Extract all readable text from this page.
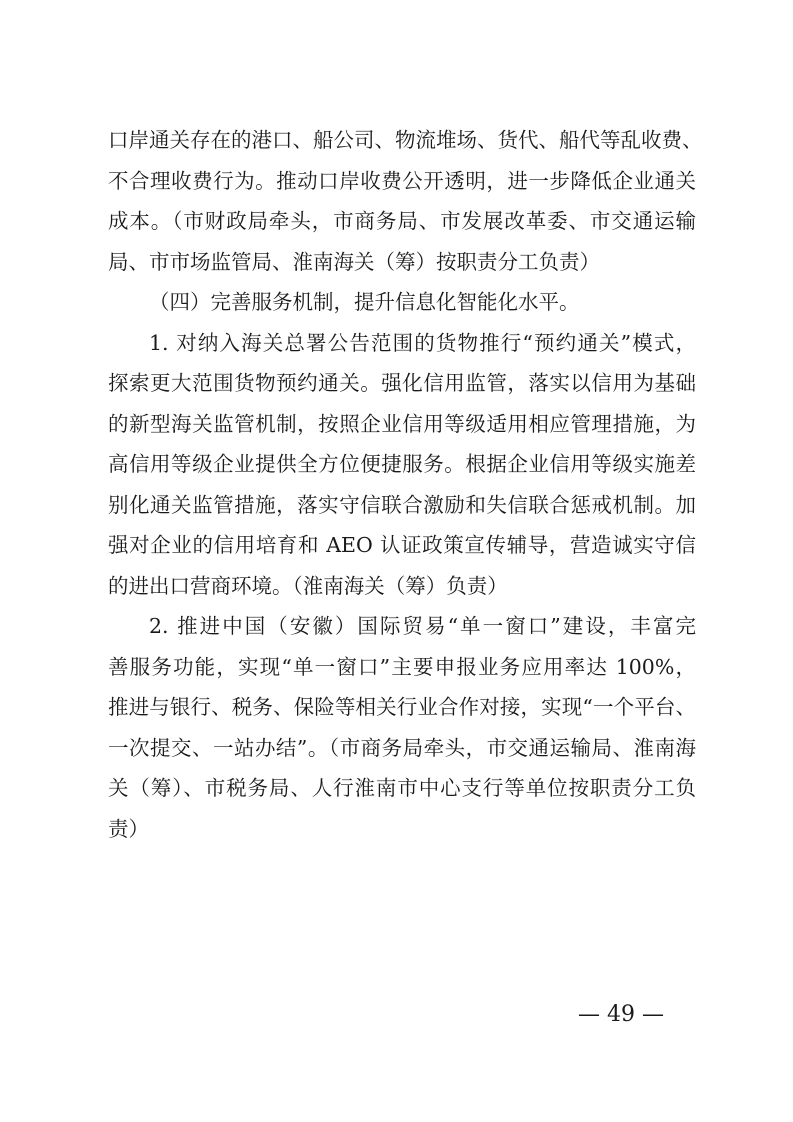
口岸通关存在的港口、船公司、物流堆场、货代、船代等乱收费、
不合理收费行为。推动口岸收费公开透明，进一步降低企业通关
成本。（市财政局牵头，市商务局、市发展改革委、市交通运输
局、市市场监管局、淮南海关（筹）按职责分工负责）
（四）完善服务机制，提升信息化智能化水平。
1. 对纳入海关总署公告范围的货物推行“预约通关”模式，
探索更大范围货物预约通关。强化信用监管，落实以信用为基础
的新型海关监管机制，按照企业信用等级适用相应管理措施，为
高信用等级企业提供全方位便捷服务。根据企业信用等级实施差
别化通关监管措施，落实守信联合激励和失信联合惩戒机制。加
强对企业的信用培育和 AEO 认证政策宣传辅导，营造诚实守信
的进出口营商环境。（淮南海关（筹）负责）
2. 推进中国（安徽）国际贸易“单一窗口”建设，丰富完
善服务功能，实现“单一窗口”主要申报业务应用率达 100%，
推进与银行、税务、保险等相关行业合作对接，实现“一个平台、
一次提交、一站办结”。（市商务局牵头，市交通运输局、淮南海
关（筹）、市税务局、人行淮南市中心支行等单位按职责分工负
责）
— 49 —
